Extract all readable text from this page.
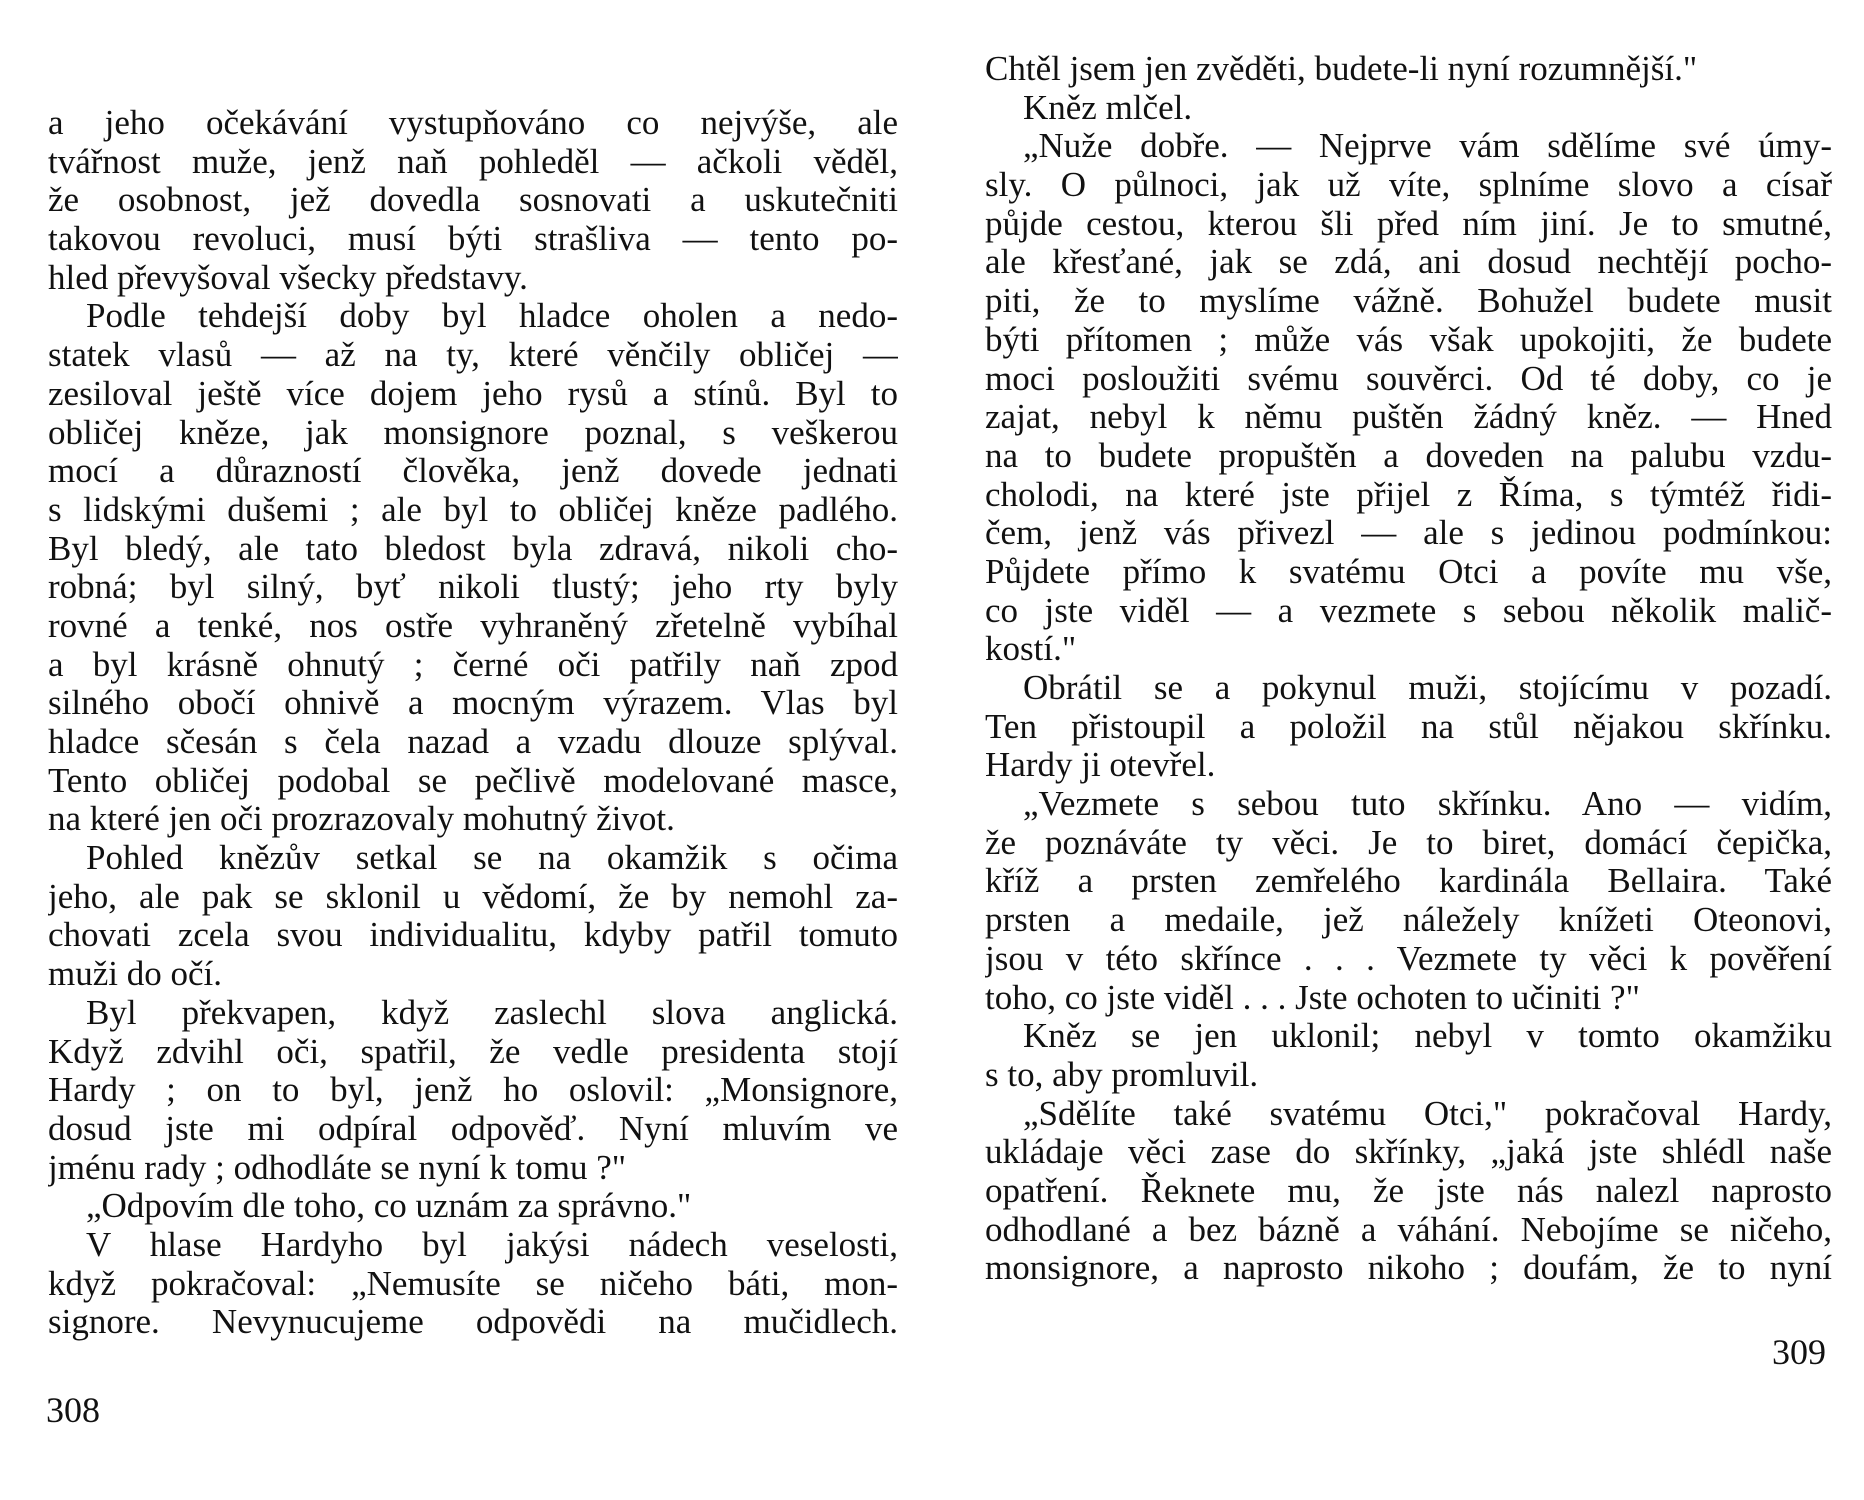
a jeho očekávání vystupňováno co nejvýše, ale
tvářnost muže, jenž naň pohleděl — ačkoli věděl,
že osobnost, jež dovedla sosnovati a uskutečniti
takovou revoluci, musí býti strašliva — tento po-
hled převyšoval všecky představy.
Podle tehdejší doby byl hladce oholen a nedo-
statek vlasů — až na ty, které věnčily obličej —
zesiloval ještě více dojem jeho rysů a stínů. Byl to
obličej kněze, jak monsignore poznal, s veškerou
mocí a důrazností člověka, jenž dovede jednati
s lidskými dušemi ; ale byl to obličej kněze padlého.
Byl bledý, ale tato bledost byla zdravá, nikoli cho-
robná; byl silný, byť nikoli tlustý; jeho rty byly
rovné a tenké, nos ostře vyhraněný zřetelně vybíhal
a byl krásně ohnutý ; černé oči patřily naň zpod
silného obočí ohnivě a mocným výrazem. Vlas byl
hladce sčesán s čela nazad a vzadu dlouze splýval.
Tento obličej podobal se pečlivě modelované masce,
na které jen oči prozrazovaly mohutný život.
Pohled knězův setkal se na okamžik s očima
jeho, ale pak se sklonil u vědomí, že by nemohl za-
chovati zcela svou individualitu, kdyby patřil tomuto
muži do očí.
Byl překvapen, když zaslechl slova anglická.
Když zdvihl oči, spatřil, že vedle presidenta stojí
Hardy ; on to byl, jenž ho oslovil: „Monsignore,
dosud jste mi odpíral odpověď. Nyní mluvím ve
jménu rady ; odhodláte se nyní k tomu ?"
„Odpovím dle toho, co uznám za správno."
V hlase Hardyho byl jakýsi nádech veselosti,
když pokračoval: „Nemusíte se ničeho báti, mon-
signore. Nevynucujeme odpovědi na mučidlech.

308

Chtěl jsem jen zvěděti, budete-li nyní rozumnější."
Kněz mlčel.
„Nuže dobře. — Nejprve vám sdělíme své úmy-
sly. O půlnoci, jak už víte, splníme slovo a císař
půjde cestou, kterou šli před ním jiní. Je to smutné,
ale křesťané, jak se zdá, ani dosud nechtějí pocho-
piti, že to myslíme vážně. Bohužel budete musit
býti přítomen ; může vás však upokojiti, že budete
moci posloužiti svému souvěrci. Od té doby, co je
zajat, nebyl k němu puštěn žádný kněz. — Hned
na to budete propuštěn a doveden na palubu vzdu-
cholodi, na které jste přijel z Říma, s týmtéž řidi-
čem, jenž vás přivezl — ale s jedinou podmínkou:
Půjdete přímo k svatému Otci a povíte mu vše,
co jste viděl — a vezmete s sebou několik malič-
kostí."
Obrátil se a pokynul muži, stojícímu v pozadí.
Ten přistoupil a položil na stůl nějakou skřínku.
Hardy ji otevřel.
„Vezmete s sebou tuto skřínku. Ano — vidím,
že poznáváte ty věci. Je to biret, domácí čepička,
kříž a prsten zemřelého kardinála Bellaira. Také
prsten a medaile, jež náležely knížeti Oteonovi,
jsou v této skřínce . . . Vezmete ty věci k pověření
toho, co jste viděl . . . Jste ochoten to učiniti ?"
Kněz se jen uklonil; nebyl v tomto okamžiku
s to, aby promluvil.
„Sdělíte také svatému Otci," pokračoval Hardy,
ukládaje věci zase do skřínky, „jaká jste shlédl naše
opatření. Řeknete mu, že jste nás nalezl naprosto
odhodlané a bez bázně a váhání. Nebojíme se ničeho,
monsignore, a naprosto nikoho ; doufám, že to nyní

309
